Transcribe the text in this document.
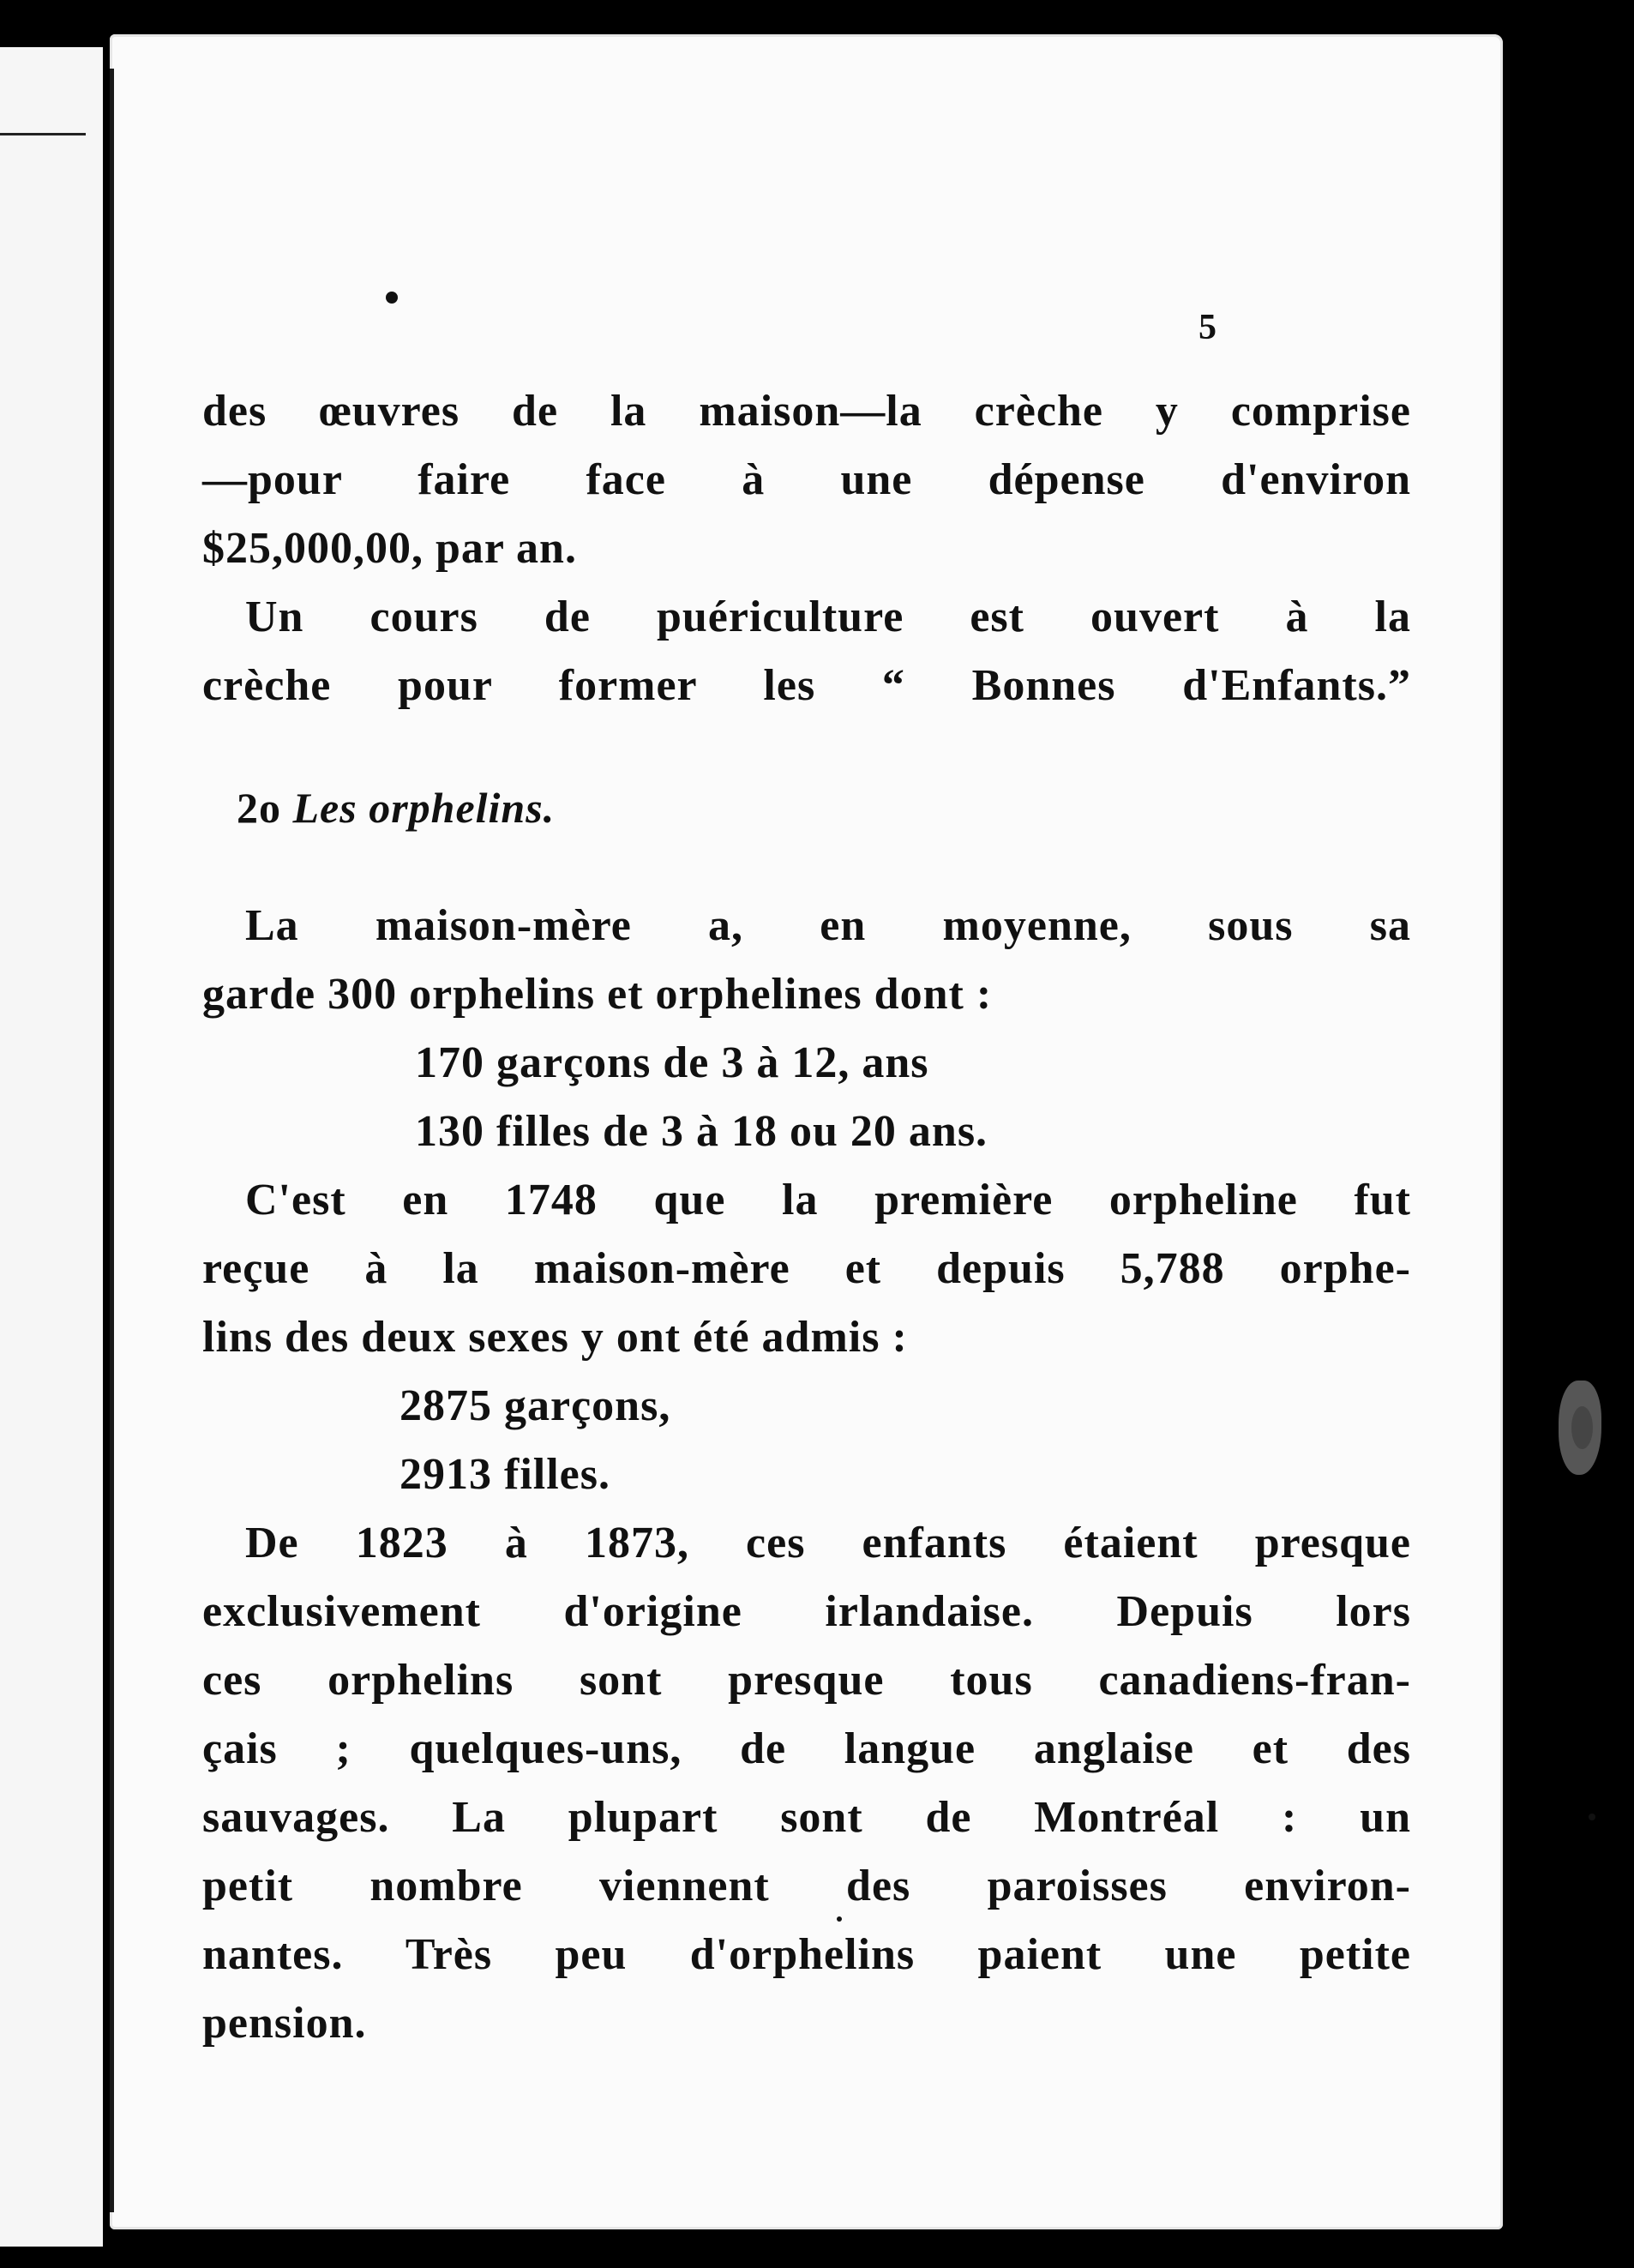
5
des œuvres de la maison—la crèche y comprise
—pour faire face à une dépense d'environ
$25,000,00, par an.
Un cours de puériculture est ouvert à la
crèche pour former les “ Bonnes d'Enfants.”
2o Les orphelins.
La maison-mère a, en moyenne, sous sa
garde 300 orphelins et orphelines dont :
170 garçons de 3 à 12, ans
130 filles de 3 à 18 ou 20 ans.
C'est en 1748 que la première orpheline fut
reçue à la maison-mère et depuis 5,788 orphe-
lins des deux sexes y ont été admis :
2875 garçons,
2913 filles.
De 1823 à 1873, ces enfants étaient presque
exclusivement d'origine irlandaise. Depuis lors
ces orphelins sont presque tous canadiens-fran-
çais ; quelques-uns, de langue anglaise et des
sauvages. La plupart sont de Montréal : un
petit nombre viennent des paroisses environ-
nantes. Très peu d'orphelins paient une petite
pension.
